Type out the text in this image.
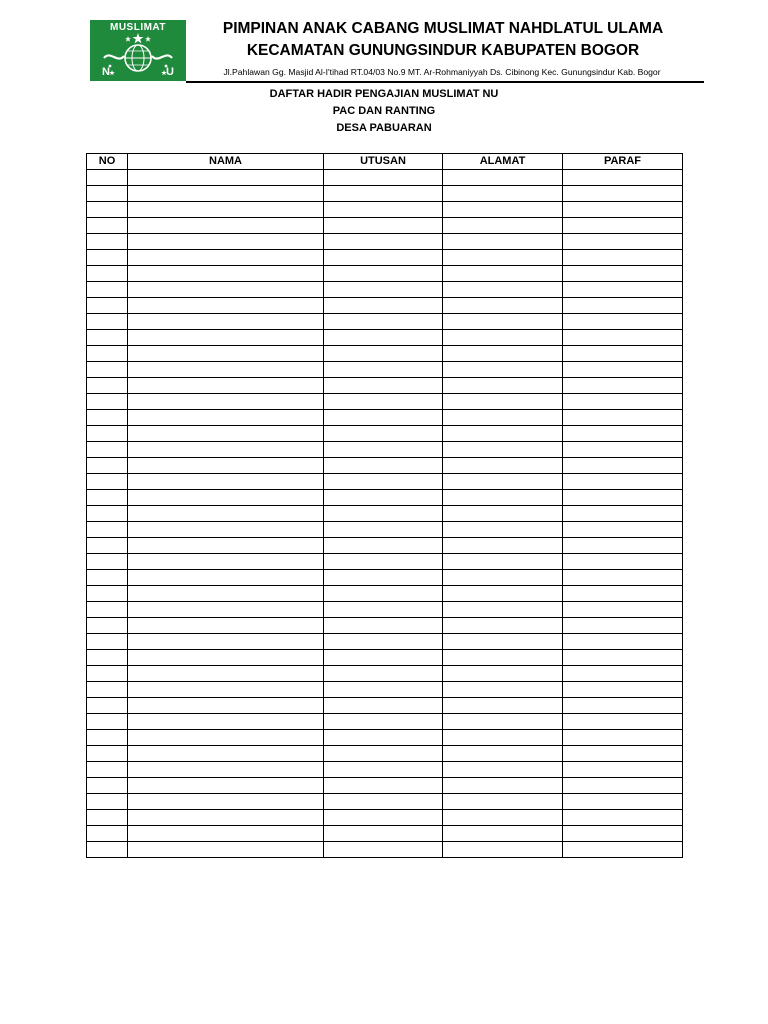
MUSLIMAT
N	U
PIMPINAN ANAK CABANG MUSLIMAT NAHDLATUL ULAMA
KECAMATAN GUNUNGSINDUR KABUPATEN BOGOR
Jl.Pahlawan Gg. Masjid Al-I'tihad RT.04/03 No.9 MT. Ar-Rohmaniyyah Ds. Cibinong Kec. Gunungsindur Kab. Bogor
DAFTAR HADIR PENGAJIAN MUSLIMAT NU
PAC DAN RANTING
DESA PABUARAN
NO	NAMA	UTUSAN	ALAMAT	PARAF
